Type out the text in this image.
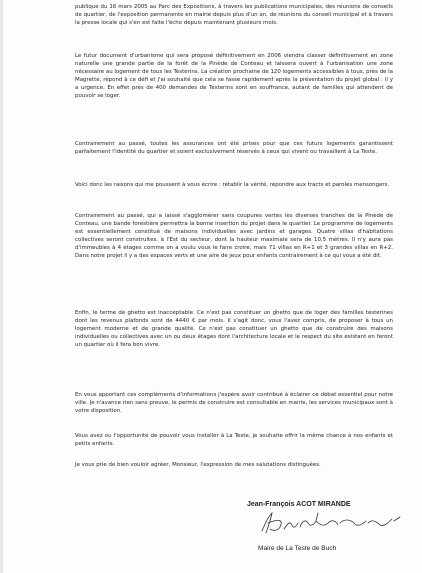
publique du 16 mars 2005 au Parc des Expositions, à travers les publications municipales, des réunions de conseils de quartier, de l'exposition permanente en mairie depuis plus d'un an, de réunions du conseil municipal et à travers la presse locale qui s'en est faite l'écho depuis maintenant plusieurs mois.

Le futur document d'urbanisme qui sera proposé définitivement en 2006 viendra classer définitivement en zone naturelle une grande partie de la forêt de la Pinède de Conteau et laissera ouvert à l'urbanisation une zone nécessaire au logement de tous les Testerins. La création prochaine de 120 logements accessibles à tous, près de la Magrette, répond à ce défi et j'ai souhaité que cela se fasse rapidement après la présentation du projet global : il y a urgence. En effet près de 400 demandes de Testerins sont en souffrance, autant de familles qui attendent de pouvoir se loger.

Contrairement au passé, toutes les assurances ont été prises pour que ces futurs logements garantissent parfaitement l'identité du quartier et soient exclusivement réservés à ceux qui vivent ou travaillent à La Teste.

Voici donc les raisons qui me poussent à vous écrire : rétablir la vérité, répondre aux tracts et paroles mensongers.

Contrairement au passé, qui a laissé s'agglomérer sans coupures vertes les diverses tranches de la Pinède de Conteau, une bande forestière permettra la bonne insertion du projet dans le quartier. Le programme de logements est essentiellement constitué de maisons individuelles avec jardins et garages. Quatre villas d'habitations collectives seront construites, à l'Est du secteur, dont la hauteur maximale sera de 10,5 mètres. Il n'y aura pas d'immeubles à 4 étages comme on a voulu vous le faire croire, mais 71 villas en R+1 et 3 grandes villas en R+2. Dans notre projet il y a des espaces verts et une aire de jeux pour enfants contrairement à ce qui vous a été dit.

Enfin, le terme de ghetto est inacceptable. Ce n'est pas constituer un ghetto que de loger des familles testerines dont les revenus plafonds sont de 4440 € par mois. Il s'agit donc, vous l'avez compris, de proposer à tous un logement moderne et de grande qualité. Ce n'est pas constituer un ghetto que de construire des maisons individuelles ou collectives avec un ou deux étages dont l'architecture locale et le respect du site existant en feront un quartier où il fera bon vivre.

En vous apportant ces compléments d'informations j'espère avoir contribué à éclairer ce débat essentiel pour notre ville. Je n'avance rien sans preuve, le permis de construire est consultable en mairie, les services municipaux sont à votre disposition.

Vous avez ou l'opportunité de pouvoir vous installer à La Teste, je souhaite offrir la même chance à nos enfants et petits enfants.

Je vous prie de bien vouloir agréer, Monsieur, l'expression de mes salutations distinguées.

Jean-François ACOT MIRANDE
Maire de La Teste de Buch
